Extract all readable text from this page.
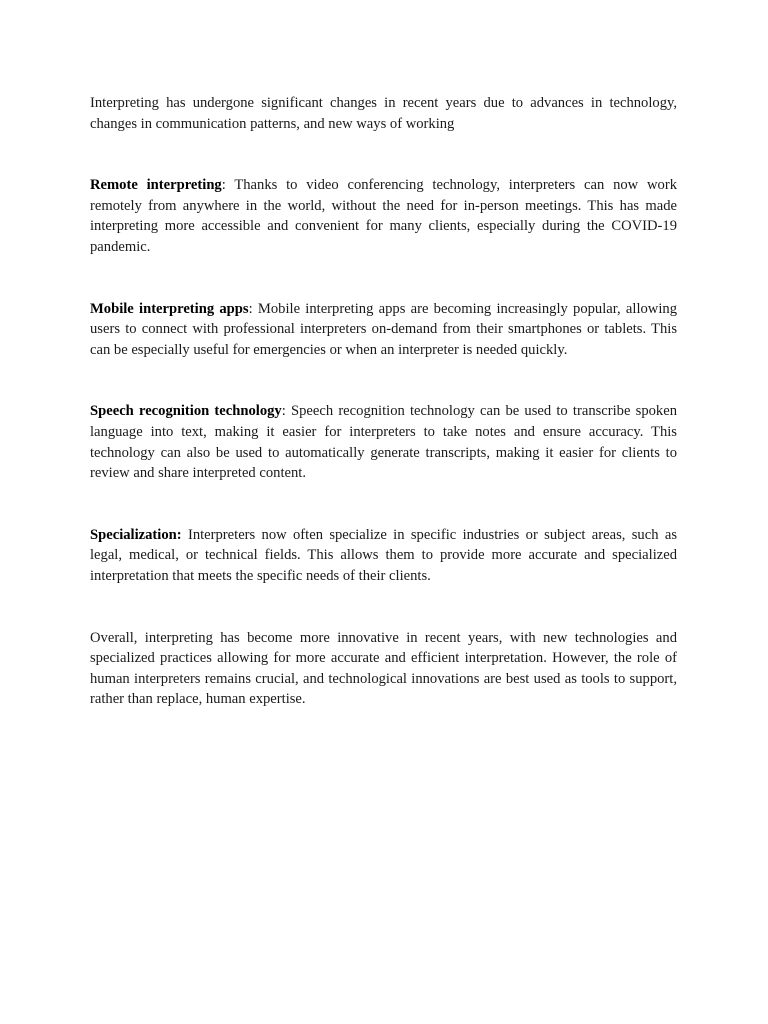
Interpreting has undergone significant changes in recent years due to advances in technology, changes in communication patterns, and new ways of working

Remote interpreting: Thanks to video conferencing technology, interpreters can now work remotely from anywhere in the world, without the need for in-person meetings. This has made interpreting more accessible and convenient for many clients, especially during the COVID-19 pandemic.

Mobile interpreting apps: Mobile interpreting apps are becoming increasingly popular, allowing users to connect with professional interpreters on-demand from their smartphones or tablets. This can be especially useful for emergencies or when an interpreter is needed quickly.

Speech recognition technology: Speech recognition technology can be used to transcribe spoken language into text, making it easier for interpreters to take notes and ensure accuracy. This technology can also be used to automatically generate transcripts, making it easier for clients to review and share interpreted content.

Specialization: Interpreters now often specialize in specific industries or subject areas, such as legal, medical, or technical fields. This allows them to provide more accurate and specialized interpretation that meets the specific needs of their clients.

Overall, interpreting has become more innovative in recent years, with new technologies and specialized practices allowing for more accurate and efficient interpretation. However, the role of human interpreters remains crucial, and technological innovations are best used as tools to support, rather than replace, human expertise.
